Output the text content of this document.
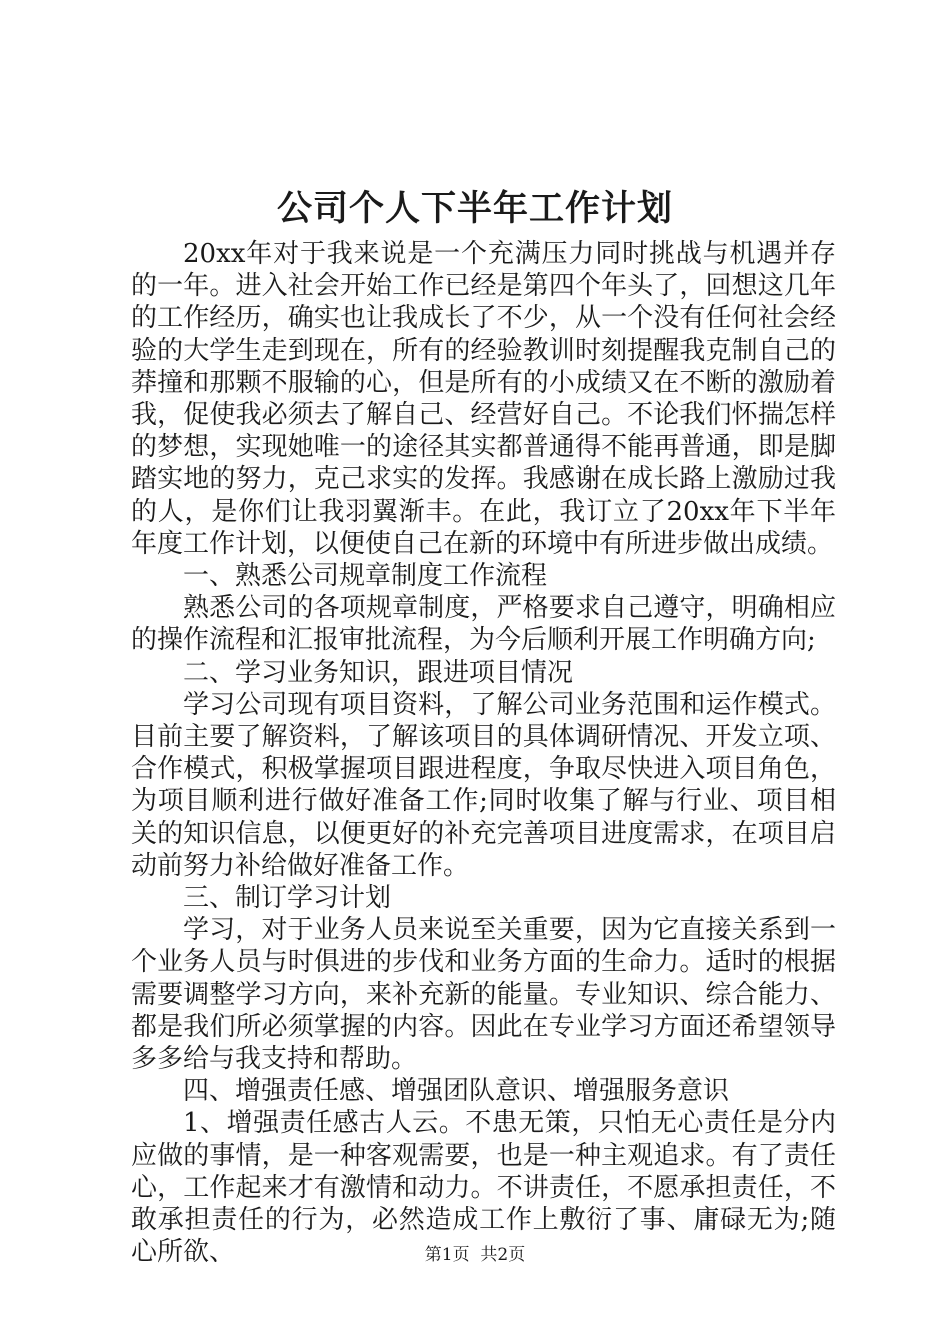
公司个人下半年工作计划

20xx年对于我来说是一个充满压力同时挑战与机遇并存的一年。进入社会开始工作已经是第四个年头了，回想这几年的工作经历，确实也让我成长了不少，从一个没有任何社会经验的大学生走到现在，所有的经验教训时刻提醒我克制自己的莽撞和那颗不服输的心，但是所有的小成绩又在不断的激励着我，促使我必须去了解自己、经营好自己。不论我们怀揣怎样的梦想，实现她唯一的途径其实都普通得不能再普通，即是脚踏实地的努力，克己求实的发挥。我感谢在成长路上激励过我的人，是你们让我羽翼渐丰。在此，我订立了20xx年下半年年度工作计划，以便使自己在新的环境中有所进步做出成绩。

一、熟悉公司规章制度工作流程

熟悉公司的各项规章制度，严格要求自己遵守，明确相应的操作流程和汇报审批流程，为今后顺利开展工作明确方向;

二、学习业务知识，跟进项目情况

学习公司现有项目资料，了解公司业务范围和运作模式。目前主要了解资料，了解该项目的具体调研情况、开发立项、合作模式，积极掌握项目跟进程度，争取尽快进入项目角色，为项目顺利进行做好准备工作;同时收集了解与行业、项目相关的知识信息，以便更好的补充完善项目进度需求，在项目启动前努力补给做好准备工作。

三、制订学习计划

学习，对于业务人员来说至关重要，因为它直接关系到一个业务人员与时俱进的步伐和业务方面的生命力。适时的根据需要调整学习方向，来补充新的能量。专业知识、综合能力、都是我们所必须掌握的内容。因此在专业学习方面还希望领导多多给与我支持和帮助。

四、增强责任感、增强团队意识、增强服务意识

1、增强责任感古人云。不患无策，只怕无心责任是分内应做的事情，是一种客观需要，也是一种主观追求。有了责任心，工作起来才有激情和动力。不讲责任，不愿承担责任，不敢承担责任的行为，必然造成工作上敷衍了事、庸碌无为;随心所欲、	第1页  共2页
